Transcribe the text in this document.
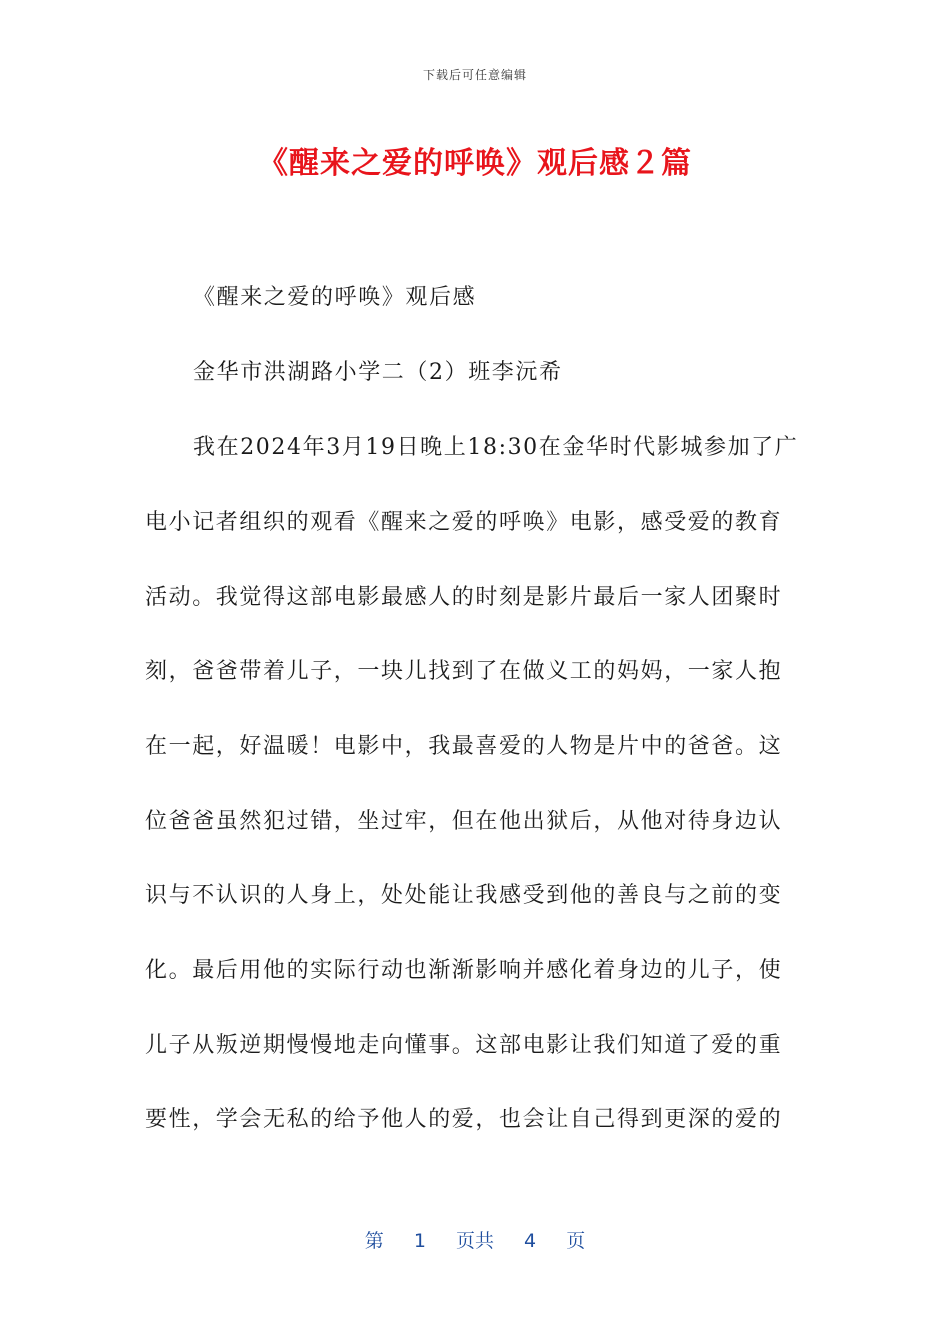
下载后可任意编辑
《醒来之爱的呼唤》观后感２篇
《醒来之爱的呼唤》观后感
金华市洪湖路小学二（2）班李沅希
我在2024年3月19日晚上18:30在金华时代影城参加了广
电小记者组织的观看《醒来之爱的呼唤》电影，感受爱的教育
活动。我觉得这部电影最感人的时刻是影片最后一家人团聚时
刻，爸爸带着儿子，一块儿找到了在做义工的妈妈，一家人抱
在一起，好温暖！电影中，我最喜爱的人物是片中的爸爸。这
位爸爸虽然犯过错，坐过牢，但在他出狱后，从他对待身边认
识与不认识的人身上，处处能让我感受到他的善良与之前的变
化。最后用他的实际行动也渐渐影响并感化着身边的儿子，使
儿子从叛逆期慢慢地走向懂事。这部电影让我们知道了爱的重
要性，学会无私的给予他人的爱，也会让自己得到更深的爱的
第 1 页共 4 页
